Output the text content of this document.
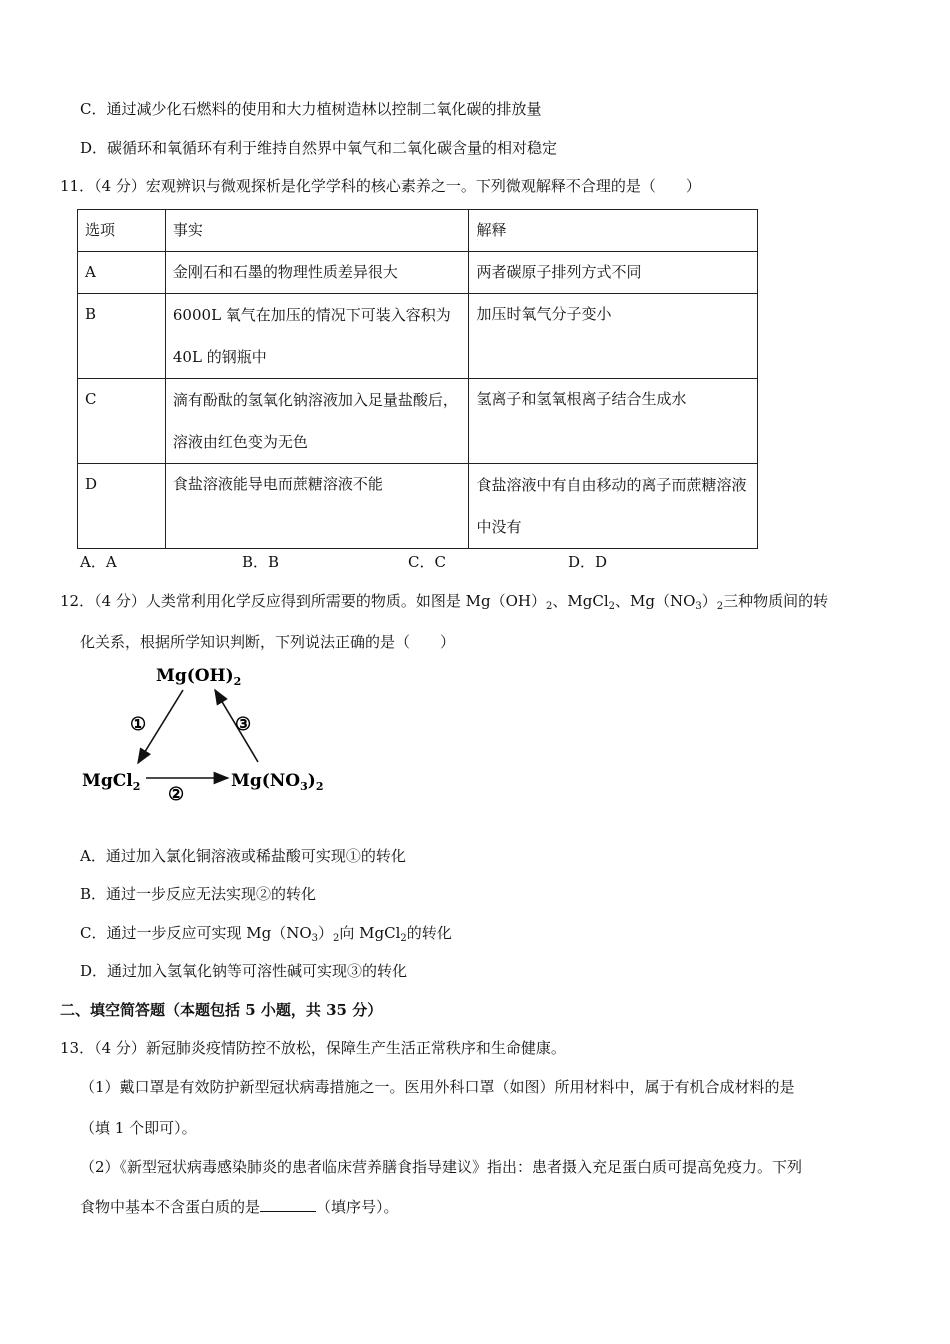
C．通过减少化石燃料的使用和大力植树造林以控制二氧化碳的排放量
D．碳循环和氧循环有利于维持自然界中氧气和二氧化碳含量的相对稳定
11．（4 分）宏观辨识与微观探析是化学学科的核心素养之一。下列微观解释不合理的是（　　）
选项	事实	解释
A	金刚石和石墨的物理性质差异很大	两者碳原子排列方式不同
B	6000L 氧气在加压的情况下可装入容积为 40L 的钢瓶中	加压时氧气分子变小
C	滴有酚酞的氢氧化钠溶液加入足量盐酸后，溶液由红色变为无色	氢离子和氢氧根离子结合生成水
D	食盐溶液能导电而蔗糖溶液不能	食盐溶液中有自由移动的离子而蔗糖溶液中没有
A．A	B．B	C．C	D．D
12．（4 分）人类常利用化学反应得到所需要的物质。如图是 $Mg(OH)_2$、MgCl$_2$、$Mg(NO_3)_2$三种物质间的转
化关系，根据所学知识判断，下列说法正确的是（　　）
$Mg(OH)_2$
MgCl$_2$	$Mg(NO_3)_2$
①
②
③
A．通过加入氯化铜溶液或稀盐酸可实现①的转化
B．通过一步反应无法实现②的转化
C．通过一步反应可实现 $Mg(NO_3)_2$向 MgCl$_2$的转化
D．通过加入氢氧化钠等可溶性碱可实现③的转化
二、填空简答题（本题包括 5 小题，共 35 分）
13．（4 分）新冠肺炎疫情防控不放松，保障生产生活正常秩序和生命健康。
（1）戴口罩是有效防护新型冠状病毒措施之一。医用外科口罩（如图）所用材料中，属于有机合成材料的是
（填 1 个即可）。
（2）《新型冠状病毒感染肺炎的患者临床营养膳食指导建议》指出：患者摄入充足蛋白质可提高免疫力。下列
食物中基本不含蛋白质的是	（填序号）。
